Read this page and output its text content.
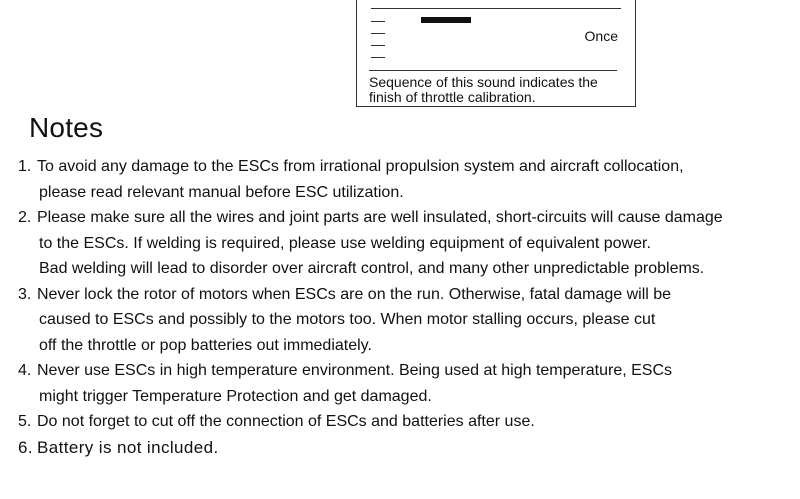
Once
Sequence of this sound indicates the
finish of throttle calibration.
Notes
1. To avoid any damage to the ESCs from irrational propulsion system and aircraft collocation,
please read relevant manual before ESC utilization.
2. Please make sure all the wires and joint parts are well insulated, short-circuits will cause damage
to the ESCs. If welding is required, please use welding equipment of equivalent power.
Bad welding will lead to disorder over aircraft control, and many other unpredictable problems.
3. Never lock the rotor of motors when ESCs are on the run. Otherwise, fatal damage will be
caused to ESCs and possibly to the motors too. When motor stalling occurs, please cut
off the throttle or pop batteries out immediately.
4. Never use ESCs in high temperature environment. Being used at high temperature, ESCs
might trigger Temperature Protection and get damaged.
5. Do not forget to cut off the connection of ESCs and batteries after use.
6. Battery is not included.
